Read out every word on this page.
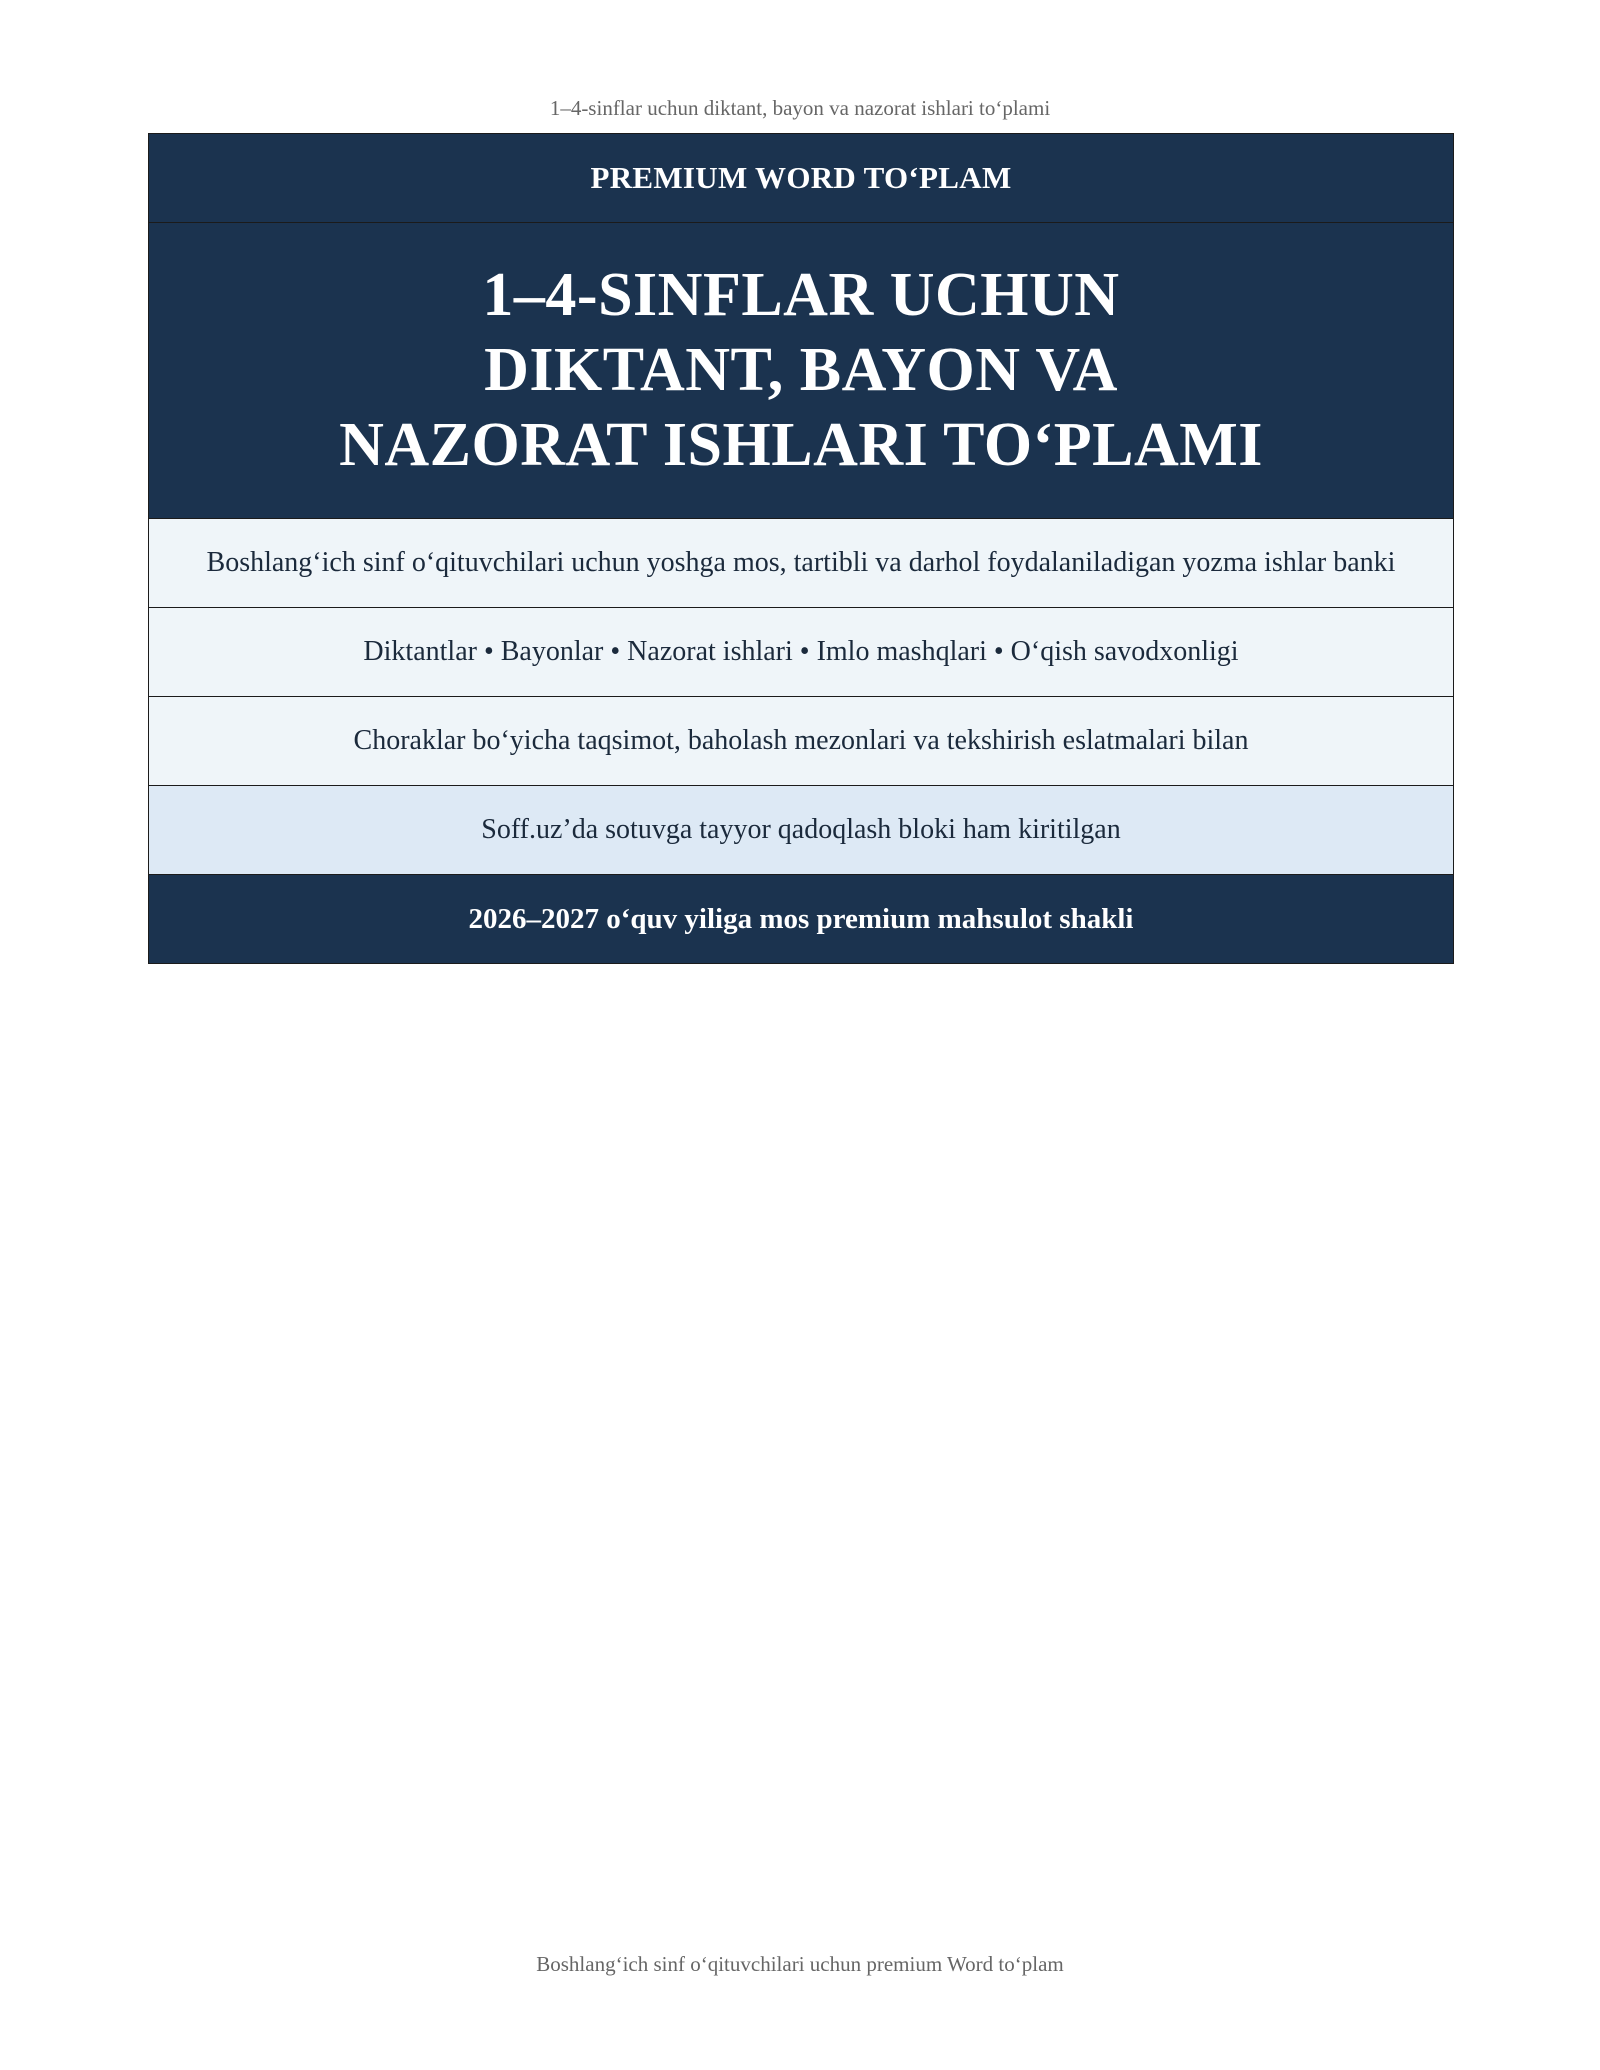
1–4-sinflar uchun diktant, bayon va nazorat ishlari to‘plami
PREMIUM WORD TO‘PLAM

1–4-SINFLAR UCHUN
DIKTANT, BAYON VA
NAZORAT ISHLARI TO‘PLAMI

Boshlang‘ich sinf o‘qituvchilari uchun yoshga mos, tartibli va darhol foydalaniladigan yozma ishlar banki
Diktantlar • Bayonlar • Nazorat ishlari • Imlo mashqlari • O‘qish savodxonligi
Choraklar bo‘yicha taqsimot, baholash mezonlari va tekshirish eslatmalari bilan
Soff.uz’da sotuvga tayyor qadoqlash bloki ham kiritilgan
2026–2027 o‘quv yiliga mos premium mahsulot shakli
Boshlang‘ich sinf o‘qituvchilari uchun premium Word to‘plam
